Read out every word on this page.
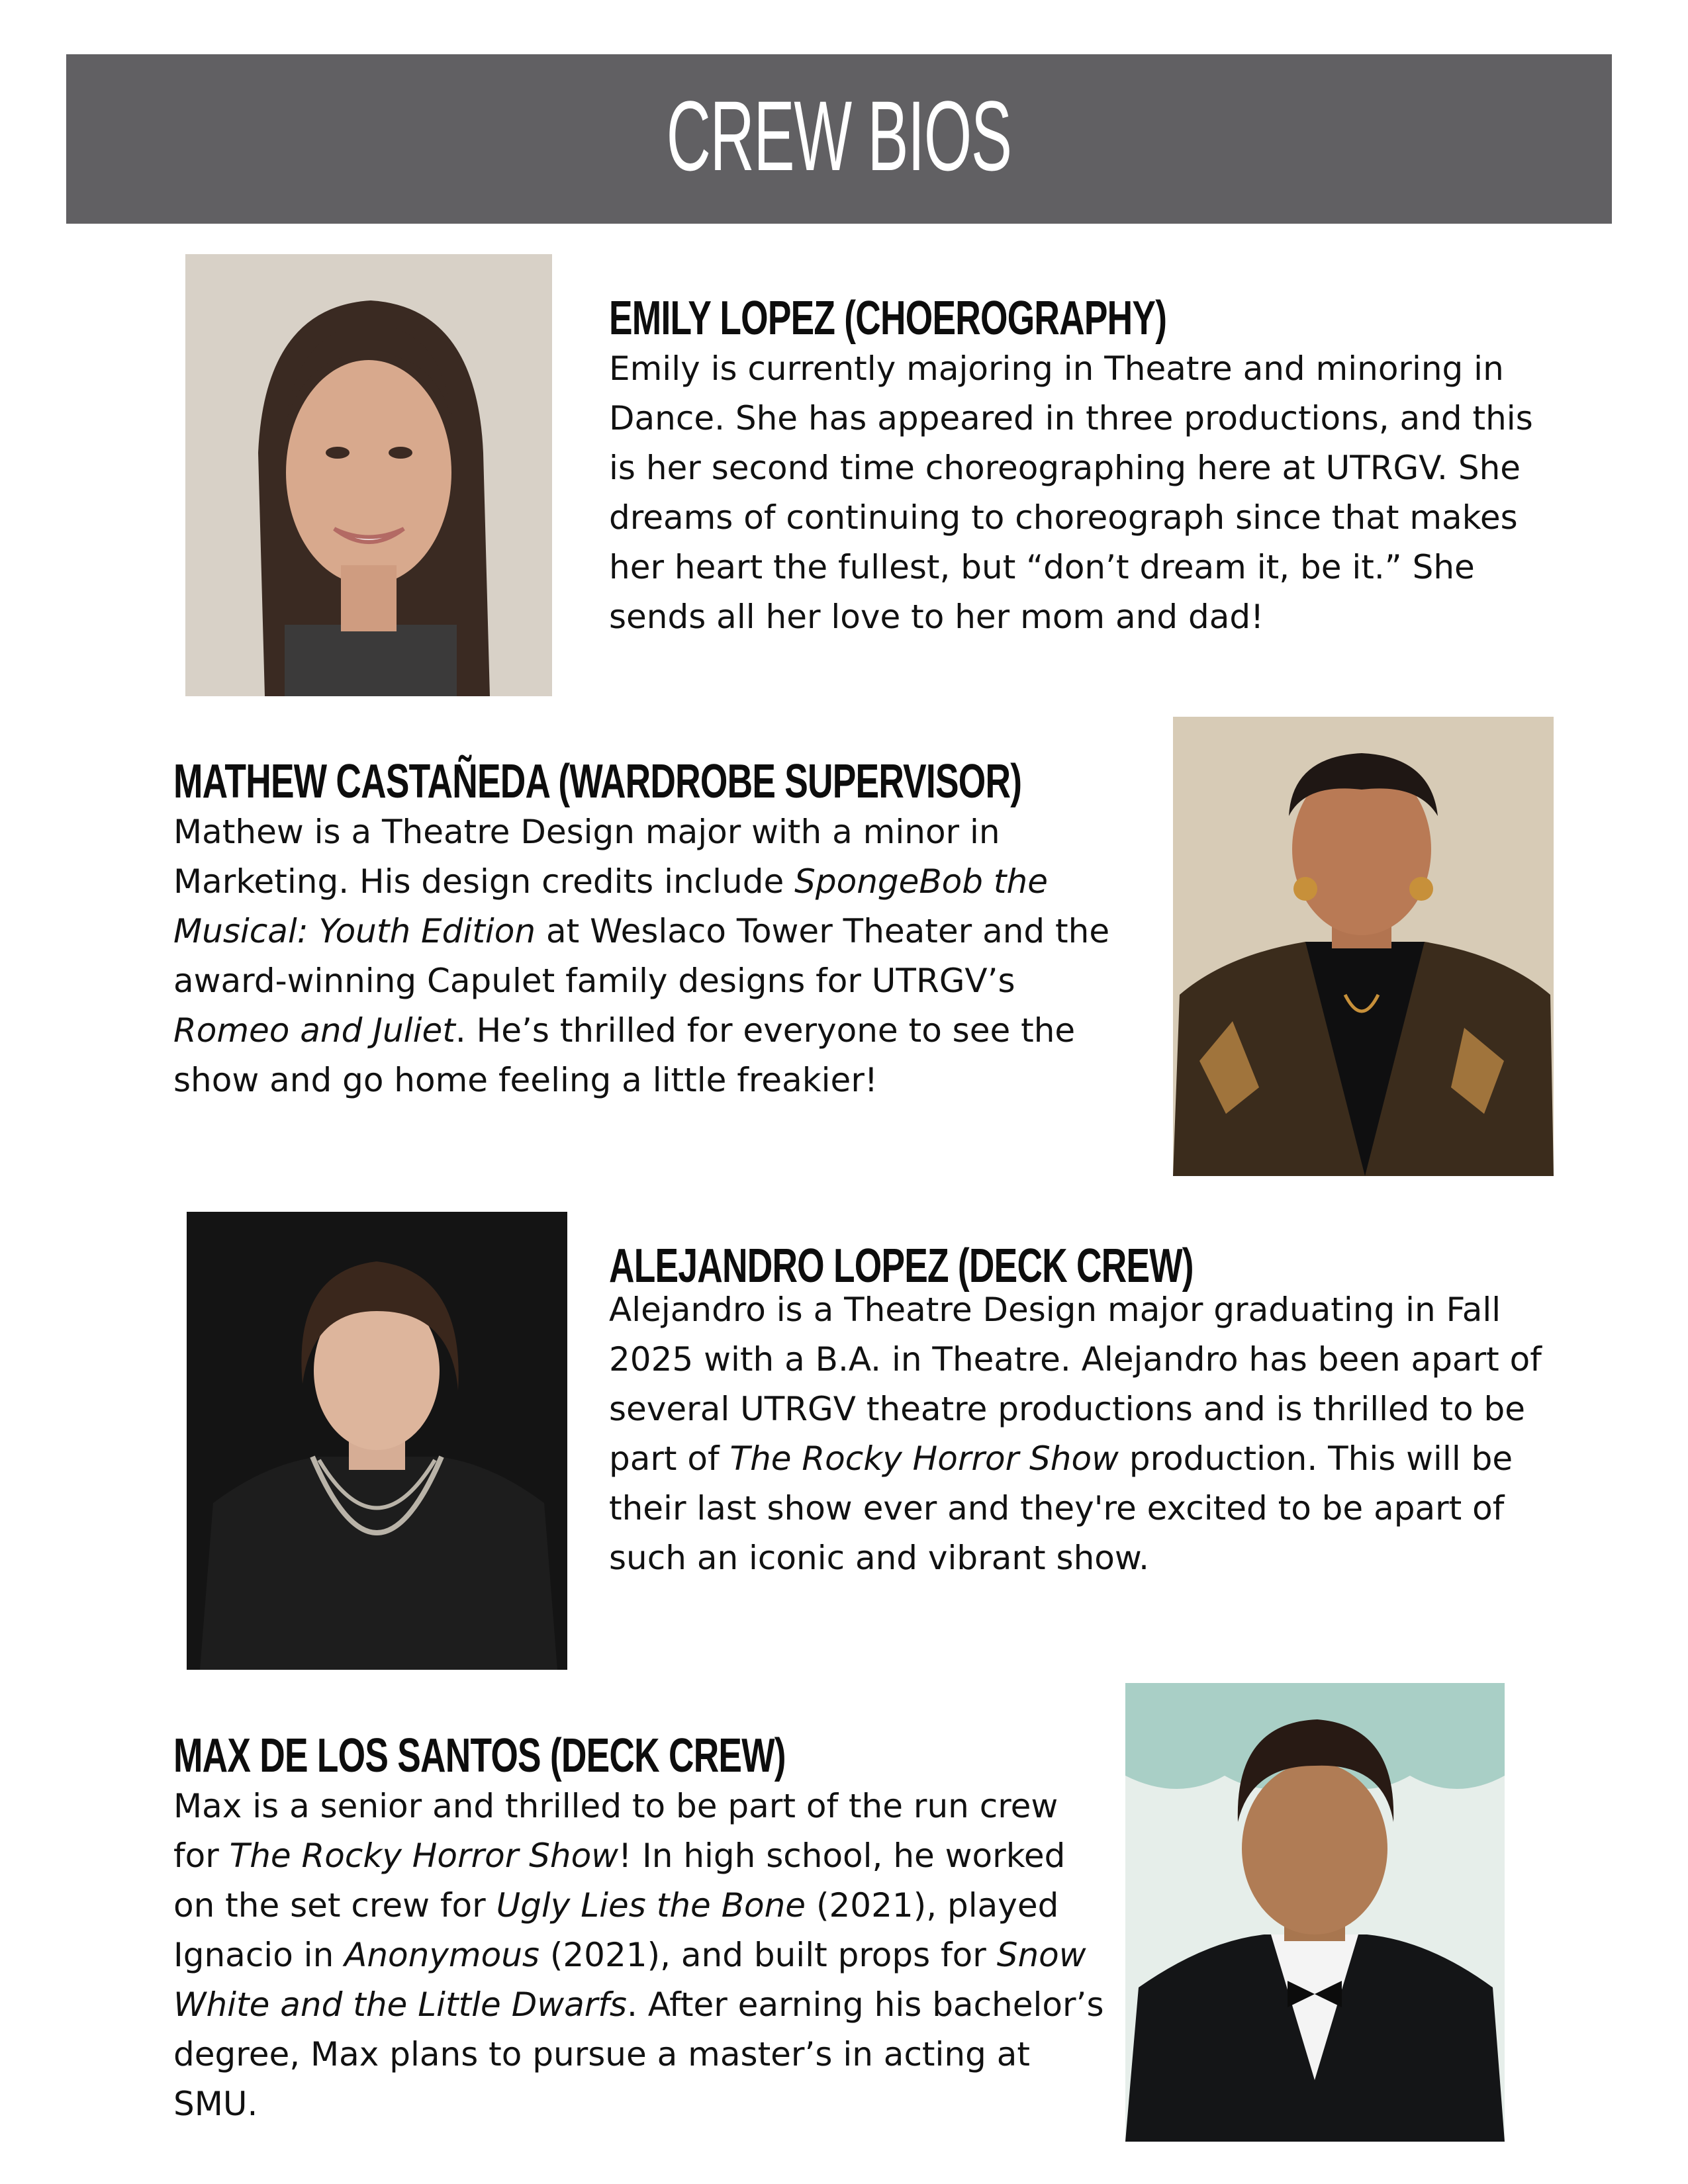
CREW BIOS
EMILY LOPEZ (CHOEROGRAPHY)

Emily is currently majoring in Theatre and minoring in Dance. She has appeared in three productions, and this is her second time choreographing here at UTRGV. She dreams of continuing to choreograph since that makes her heart the fullest, but “don’t dream it, be it.” She sends all her love to her mom and dad!

MATHEW CASTAÑEDA (WARDROBE SUPERVISOR)

Mathew is a Theatre Design major with a minor in Marketing. His design credits include SpongeBob the Musical: Youth Edition at Weslaco Tower Theater and the award-winning Capulet family designs for UTRGV’s Romeo and Juliet. He’s thrilled for everyone to see the show and go home feeling a little freakier!

ALEJANDRO LOPEZ (DECK CREW)

Alejandro is a Theatre Design major graduating in Fall 2025 with a B.A. in Theatre. Alejandro has been apart of several UTRGV theatre productions and is thrilled to be part of The Rocky Horror Show production. This will be their last show ever and they're excited to be apart of such an iconic and vibrant show.

MAX DE LOS SANTOS (DECK CREW)

Max is a senior and thrilled to be part of the run crew for The Rocky Horror Show! In high school, he worked on the set crew for Ugly Lies the Bone (2021), played Ignacio in Anonymous (2021), and built props for Snow White and the Little Dwarfs. After earning his bachelor’s degree, Max plans to pursue a master’s in acting at SMU.
